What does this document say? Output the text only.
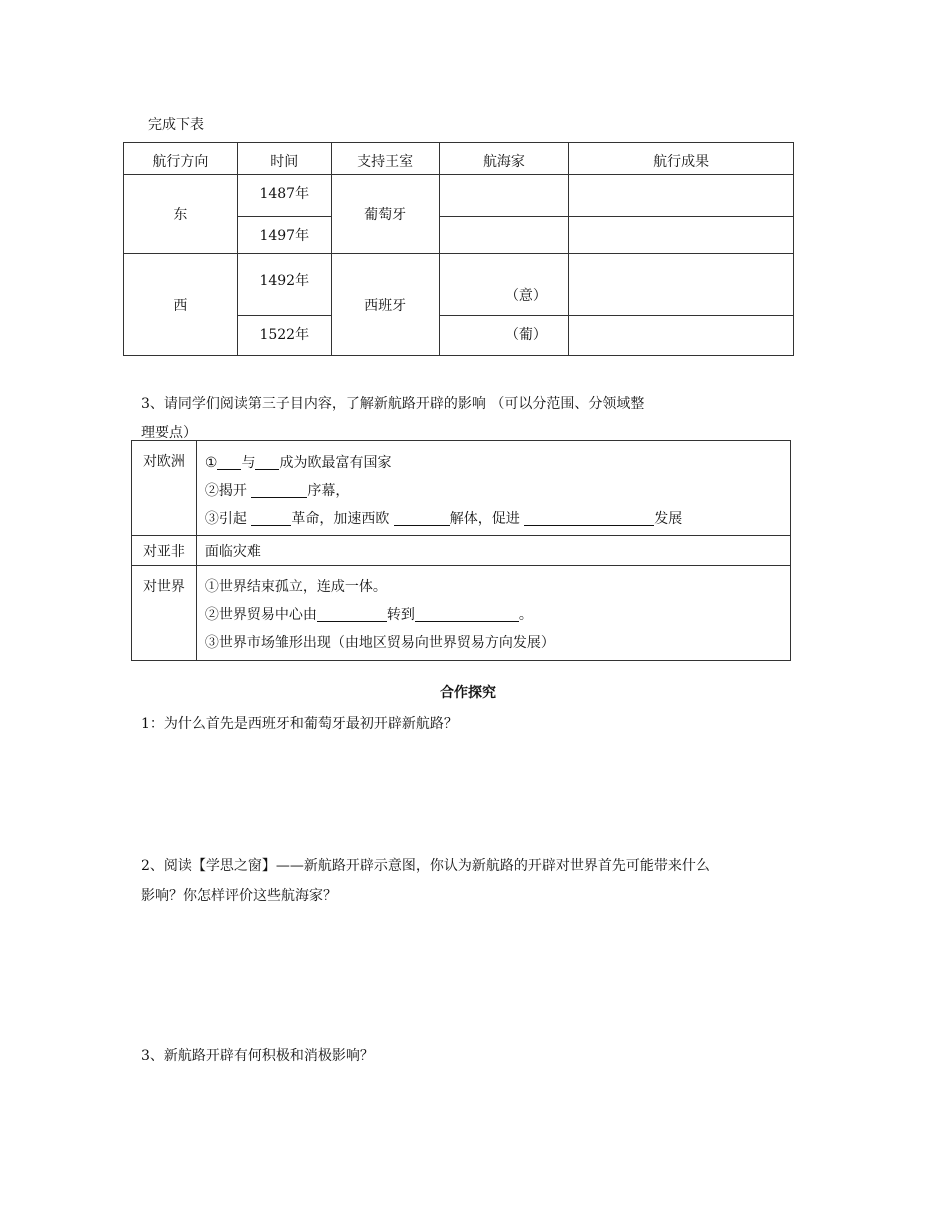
完成下表
航行方向	时间	支持王室	航海家	航行成果
东	1487年	葡萄牙		
	1497年			
西	1492年	西班牙	（意）	
	1522年		（葡）	
3、请同学们阅读第三子目内容，了解新航路开辟的影响 （可以分范围、分领域整
理要点）
对欧洲	① 与 成为欧最富有国家
②揭开 序幕，
③引起 革命，加速西欧 解体，促进 发展

对亚非	面临灾难
对世界	①世界结束孤立，连成一体。
②世界贸易中心由 转到 。
③世界市场雏形出现（由地区贸易向世界贸易方向发展）
合作探究
1：为什么首先是西班牙和葡萄牙最初开辟新航路？
2、阅读【学思之窗】——新航路开辟示意图，你认为新航路的开辟对世界首先可能带来什么
影响？你怎样评价这些航海家？
3、新航路开辟有何积极和消极影响？
